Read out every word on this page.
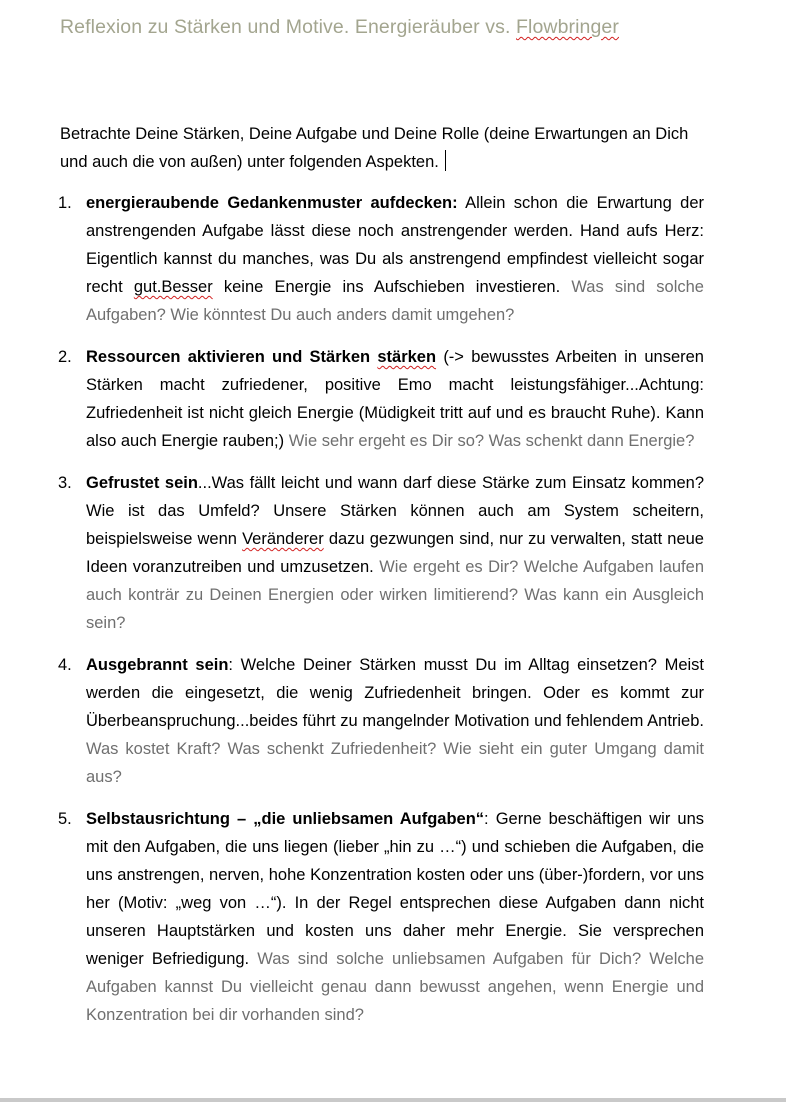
Reflexion zu Stärken und Motive. Energieräuber vs. Flowbringer
Betrachte Deine Stärken, Deine Aufgabe und Deine Rolle (deine Erwartungen an Dich und auch die von außen) unter folgenden Aspekten.
1. energieraubende Gedankenmuster aufdecken: Allein schon die Erwartung der anstrengenden Aufgabe lässt diese noch anstrengender werden. Hand aufs Herz: Eigentlich kannst du manches, was Du als anstrengend empfindest vielleicht sogar recht gut.Besser keine Energie ins Aufschieben investieren. Was sind solche Aufgaben? Wie könntest Du auch anders damit umgehen?

2. Ressourcen aktivieren und Stärken stärken (-> bewusstes Arbeiten in unseren Stärken macht zufriedener, positive Emo macht leistungsfähiger...Achtung: Zufriedenheit ist nicht gleich Energie (Müdigkeit tritt auf und es braucht Ruhe). Kann also auch Energie rauben;) Wie sehr ergeht es Dir so? Was schenkt dann Energie?

3. Gefrustet sein...Was fällt leicht und wann darf diese Stärke zum Einsatz kommen? Wie ist das Umfeld? Unsere Stärken können auch am System scheitern, beispielsweise wenn Veränderer dazu gezwungen sind, nur zu verwalten, statt neue Ideen voranzutreiben und umzusetzen. Wie ergeht es Dir? Welche Aufgaben laufen auch konträr zu Deinen Energien oder wirken limitierend? Was kann ein Ausgleich sein?

4. Ausgebrannt sein: Welche Deiner Stärken musst Du im Alltag einsetzen? Meist werden die eingesetzt, die wenig Zufriedenheit bringen. Oder es kommt zur Überbeanspruchung...beides führt zu mangelnder Motivation und fehlendem Antrieb. Was kostet Kraft? Was schenkt Zufriedenheit? Wie sieht ein guter Umgang damit aus?

5. Selbstausrichtung – „die unliebsamen Aufgaben“: Gerne beschäftigen wir uns mit den Aufgaben, die uns liegen (lieber „hin zu …“) und schieben die Aufgaben, die uns anstrengen, nerven, hohe Konzentration kosten oder uns (über-)fordern, vor uns her (Motiv: „weg von …“). In der Regel entsprechen diese Aufgaben dann nicht unseren Hauptstärken und kosten uns daher mehr Energie. Sie versprechen weniger Befriedigung. Was sind solche unliebsamen Aufgaben für Dich? Welche Aufgaben kannst Du vielleicht genau dann bewusst angehen, wenn Energie und Konzentration bei dir vorhanden sind?
